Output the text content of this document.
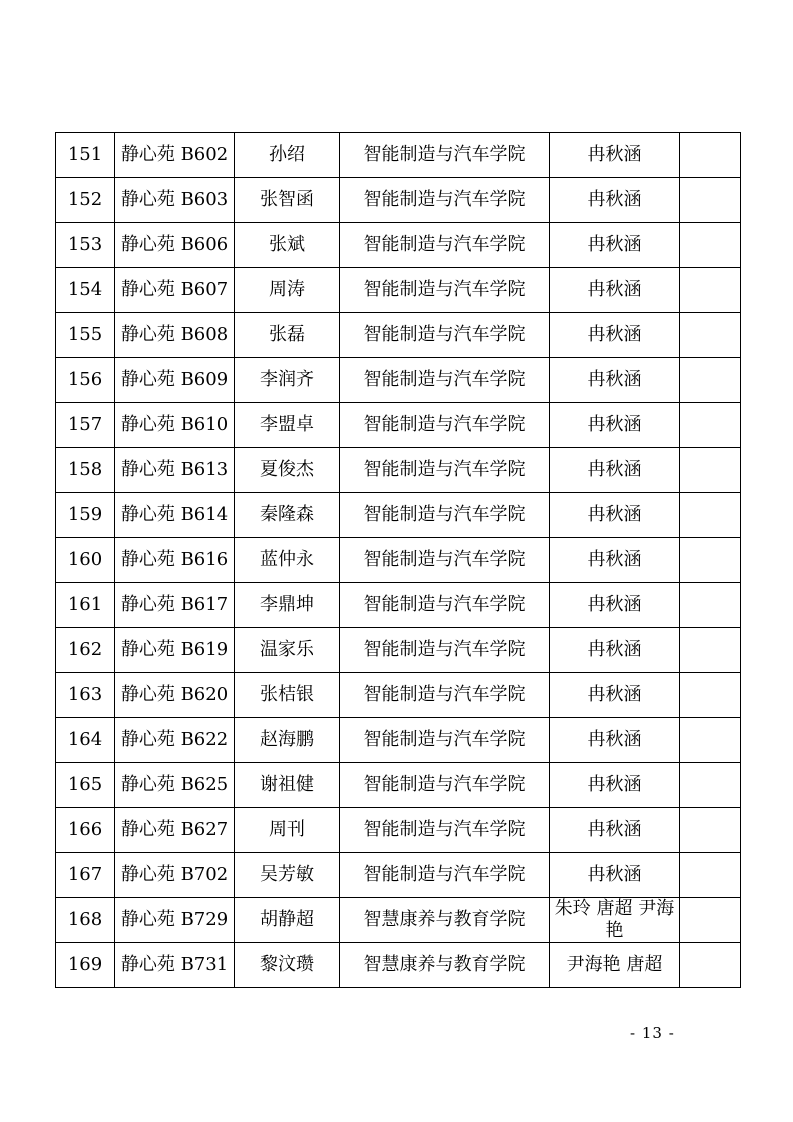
151	静心苑 B602	孙绍	智能制造与汽车学院	冉秋涵	
152	静心苑 B603	张智函	智能制造与汽车学院	冉秋涵	
153	静心苑 B606	张斌	智能制造与汽车学院	冉秋涵	
154	静心苑 B607	周涛	智能制造与汽车学院	冉秋涵	
155	静心苑 B608	张磊	智能制造与汽车学院	冉秋涵	
156	静心苑 B609	李润齐	智能制造与汽车学院	冉秋涵	
157	静心苑 B610	李盟卓	智能制造与汽车学院	冉秋涵	
158	静心苑 B613	夏俊杰	智能制造与汽车学院	冉秋涵	
159	静心苑 B614	秦隆森	智能制造与汽车学院	冉秋涵	
160	静心苑 B616	蓝仲永	智能制造与汽车学院	冉秋涵	
161	静心苑 B617	李鼎坤	智能制造与汽车学院	冉秋涵	
162	静心苑 B619	温家乐	智能制造与汽车学院	冉秋涵	
163	静心苑 B620	张桔银	智能制造与汽车学院	冉秋涵	
164	静心苑 B622	赵海鹏	智能制造与汽车学院	冉秋涵	
165	静心苑 B625	谢祖健	智能制造与汽车学院	冉秋涵	
166	静心苑 B627	周刊	智能制造与汽车学院	冉秋涵	
167	静心苑 B702	吴芳敏	智能制造与汽车学院	冉秋涵	
168	静心苑 B729	胡静超	智慧康养与教育学院	朱玲 唐超 尹海艳	
169	静心苑 B731	黎汶瓒	智慧康养与教育学院	尹海艳 唐超	
- 13 -
